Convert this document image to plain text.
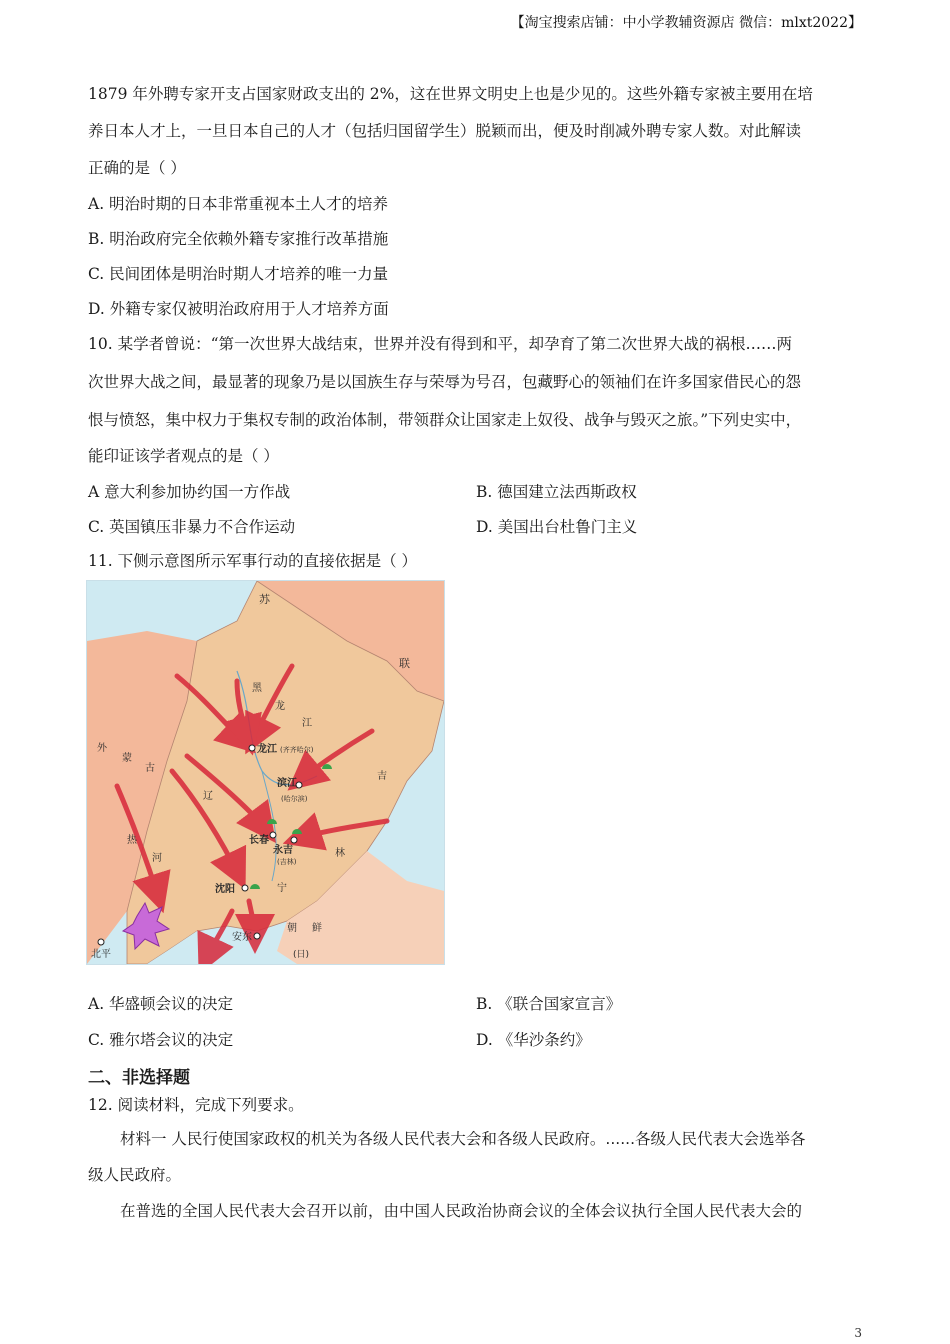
【淘宝搜索店铺：中小学教辅资源店 微信：mlxt2022】
1879 年外聘专家开支占国家财政支出的 2%，这在世界文明史上也是少见的。这些外籍专家被主要用在培
养日本人才上，一旦日本自己的人才（包括归国留学生）脱颖而出，便及时削减外聘专家人数。对此解读
正确的是（ ）
A. 明治时期的日本非常重视本土人才的培养
B. 明治政府完全依赖外籍专家推行改革措施
C. 民间团体是明治时期人才培养的唯一力量
D. 外籍专家仅被明治政府用于人才培养方面
10. 某学者曾说：“第一次世界大战结束，世界并没有得到和平，却孕育了第二次世界大战的祸根……两
次世界大战之间，最显著的现象乃是以国族生存与荣辱为号召，包藏野心的领袖们在许多国家借民心的怨
恨与愤怒，集中权力于集权专制的政治体制，带领群众让国家走上奴役、战争与毁灭之旅。”下列史实中，
能印证该学者观点的是（ ）
A 意大利参加协约国一方作战	B. 德国建立法西斯政权
C. 英国镇压非暴力不合作运动	D. 美国出台杜鲁门主义
11. 下侧示意图所示军事行动的直接依据是（ ）
苏
联
黑
龙
江
吉
林
外
蒙
古
辽
宁
热
河
朝 鲜
(日)
龙江 (齐齐哈尔)
滨江
(哈尔滨)
长春
永吉
(吉林)
沈阳
安东
北平
A. 华盛顿会议的决定	B. 《联合国家宣言》
C. 雅尔塔会议的决定	D. 《华沙条约》
二、非选择题
12. 阅读材料，完成下列要求。
材料一 人民行使国家政权的机关为各级人民代表大会和各级人民政府。......各级人民代表大会选举各
级人民政府。
在普选的全国人民代表大会召开以前，由中国人民政治协商会议的全体会议执行全国人民代表大会的
3
